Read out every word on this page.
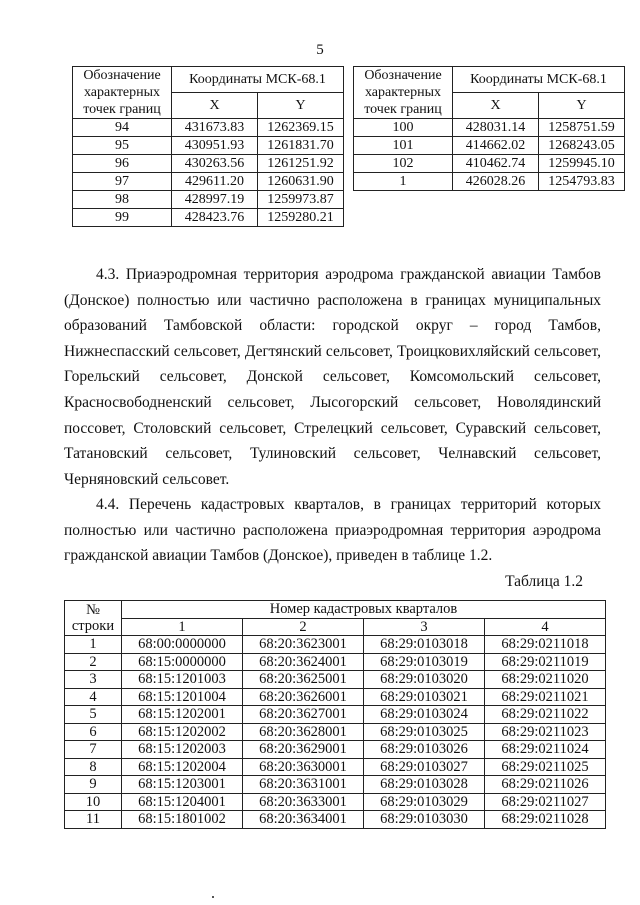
5
Обозначение характерных точек границ	Координаты МСК-68.1	
	X	Y
94	431673.83	1262369.15
95	430951.93	1261831.70
96	430263.56	1261251.92
97	429611.20	1260631.90
98	428997.19	1259973.87
99	428423.76	1259280.21
Обозначение характерных точек границ	Координаты МСК-68.1	
	X	Y
100	428031.14	1258751.59
101	414662.02	1268243.05
102	410462.74	1259945.10
1	426028.26	1254793.83

4.3. Приаэродромная территория аэродрома гражданской авиации Тамбов (Донское) полностью или частично расположена в границах муниципальных образований Тамбовской области: городской округ – город Тамбов, Нижнеспасский сельсовет, Дегтянский сельсовет, Троицковихляйский сельсовет, Горельский сельсовет, Донской сельсовет, Комсомольский сельсовет, Красносвободненский сельсовет, Лысогорский сельсовет, Новолядинский поссовет, Столовский сельсовет, Стрелецкий сельсовет, Суравский сельсовет, Татановский сельсовет, Тулиновский сельсовет, Челнавский сельсовет, Черняновский сельсовет.

4.4. Перечень кадастровых кварталов, в границах территорий которых полностью или частично расположена приаэродромная территория аэродрома гражданской авиации Тамбов (Донское), приведен в таблице 1.2.

Таблица 1.2
№ строки	Номер кадастровых кварталов			
	1	2	3	4
1	68:00:0000000	68:20:3623001	68:29:0103018	68:29:0211018
2	68:15:0000000	68:20:3624001	68:29:0103019	68:29:0211019
3	68:15:1201003	68:20:3625001	68:29:0103020	68:29:0211020
4	68:15:1201004	68:20:3626001	68:29:0103021	68:29:0211021
5	68:15:1202001	68:20:3627001	68:29:0103024	68:29:0211022
6	68:15:1202002	68:20:3628001	68:29:0103025	68:29:0211023
7	68:15:1202003	68:20:3629001	68:29:0103026	68:29:0211024
8	68:15:1202004	68:20:3630001	68:29:0103027	68:29:0211025
9	68:15:1203001	68:20:3631001	68:29:0103028	68:29:0211026
10	68:15:1204001	68:20:3633001	68:29:0103029	68:29:0211027
11	68:15:1801002	68:20:3634001	68:29:0103030	68:29:0211028
